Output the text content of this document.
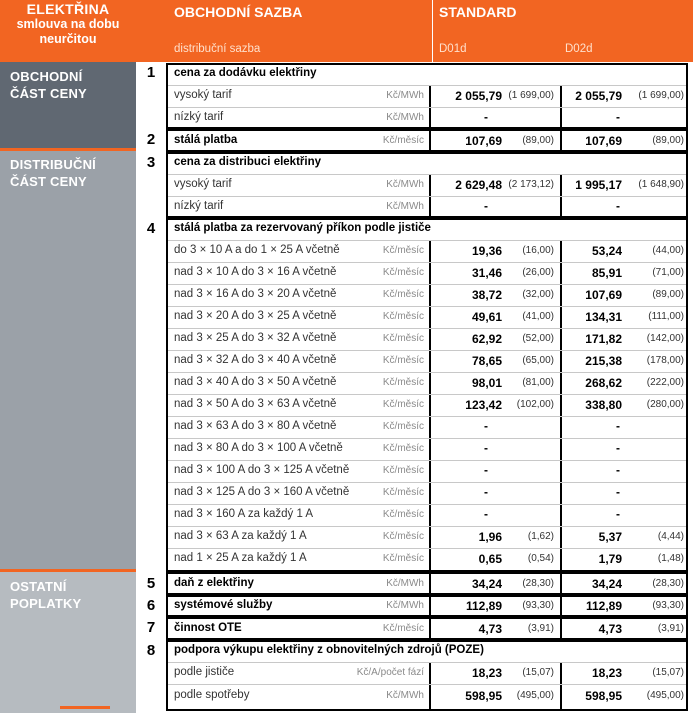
ELEKTŘINA
smlouva na dobu
neurčitou
OBCHODNÍ SAZBA
distribuční sazba
STANDARD
D01d	D02d
OBCHODNÍ
ČÁST CENY
DISTRIBUČNÍ
ČÁST CENY
OSTATNÍ
POPLATKY
1
2
3
4
5
6
7
8
cena za dodávku elektřiny
vysoký tarif	Kč/MWh	2 055,79 (1 699,00)	2 055,79	(1 699,00)
nízký tarif	Kč/MWh	-	-
stálá platba	Kč/měsíc	107,69	(89,00)	107,69	(89,00)
cena za distribuci elektřiny
vysoký tarif	Kč/MWh	2 629,48 (2 173,12)	1 995,17	(1 648,90)
nízký tarif	Kč/MWh	-	-
stálá platba za rezervovaný příkon podle jističe
do 3 × 10 A a do 1 × 25 A včetně	Kč/měsíc	19,36	(16,00)	53,24	(44,00)
nad 3 × 10 A do 3 × 16 A včetně	Kč/měsíc	31,46	(26,00)	85,91	(71,00)
nad 3 × 16 A do 3 × 20 A včetně	Kč/měsíc	38,72	(32,00)	107,69	(89,00)
nad 3 × 20 A do 3 × 25 A včetně	Kč/měsíc	49,61	(41,00)	134,31	(111,00)
nad 3 × 25 A do 3 × 32 A včetně	Kč/měsíc	62,92	(52,00)	171,82	(142,00)
nad 3 × 32 A do 3 × 40 A včetně	Kč/měsíc	78,65	(65,00)	215,38	(178,00)
nad 3 × 40 A do 3 × 50 A včetně	Kč/měsíc	98,01	(81,00)	268,62	(222,00)
nad 3 × 50 A do 3 × 63 A včetně	Kč/měsíc	123,42	(102,00)	338,80	(280,00)
nad 3 × 63 A do 3 × 80 A včetně	Kč/měsíc	-	-
nad 3 × 80 A do 3 × 100 A včetně	Kč/měsíc	-	-
nad 3 × 100 A do 3 × 125 A včetně	Kč/měsíc	-	-
nad 3 × 125 A do 3 × 160 A včetně	Kč/měsíc	-	-
nad 3 × 160 A za každý 1 A	Kč/měsíc	-	-
nad 3 × 63 A za každý 1 A	Kč/měsíc	1,96	(1,62)	5,37	(4,44)
nad 1 × 25 A za každý 1 A	Kč/měsíc	0,65	(0,54)	1,79	(1,48)
daň z elektřiny	Kč/MWh	34,24	(28,30)	34,24	(28,30)
systémové služby	Kč/MWh	112,89	(93,30)	112,89	(93,30)
činnost OTE	Kč/měsíc	4,73	(3,91)	4,73	(3,91)
podpora výkupu elektřiny z obnovitelných zdrojů (POZE)
podle jističe	Kč/A/počet fází	18,23	(15,07)	18,23	(15,07)
podle spotřeby	Kč/MWh	598,95	(495,00)	598,95	(495,00)
